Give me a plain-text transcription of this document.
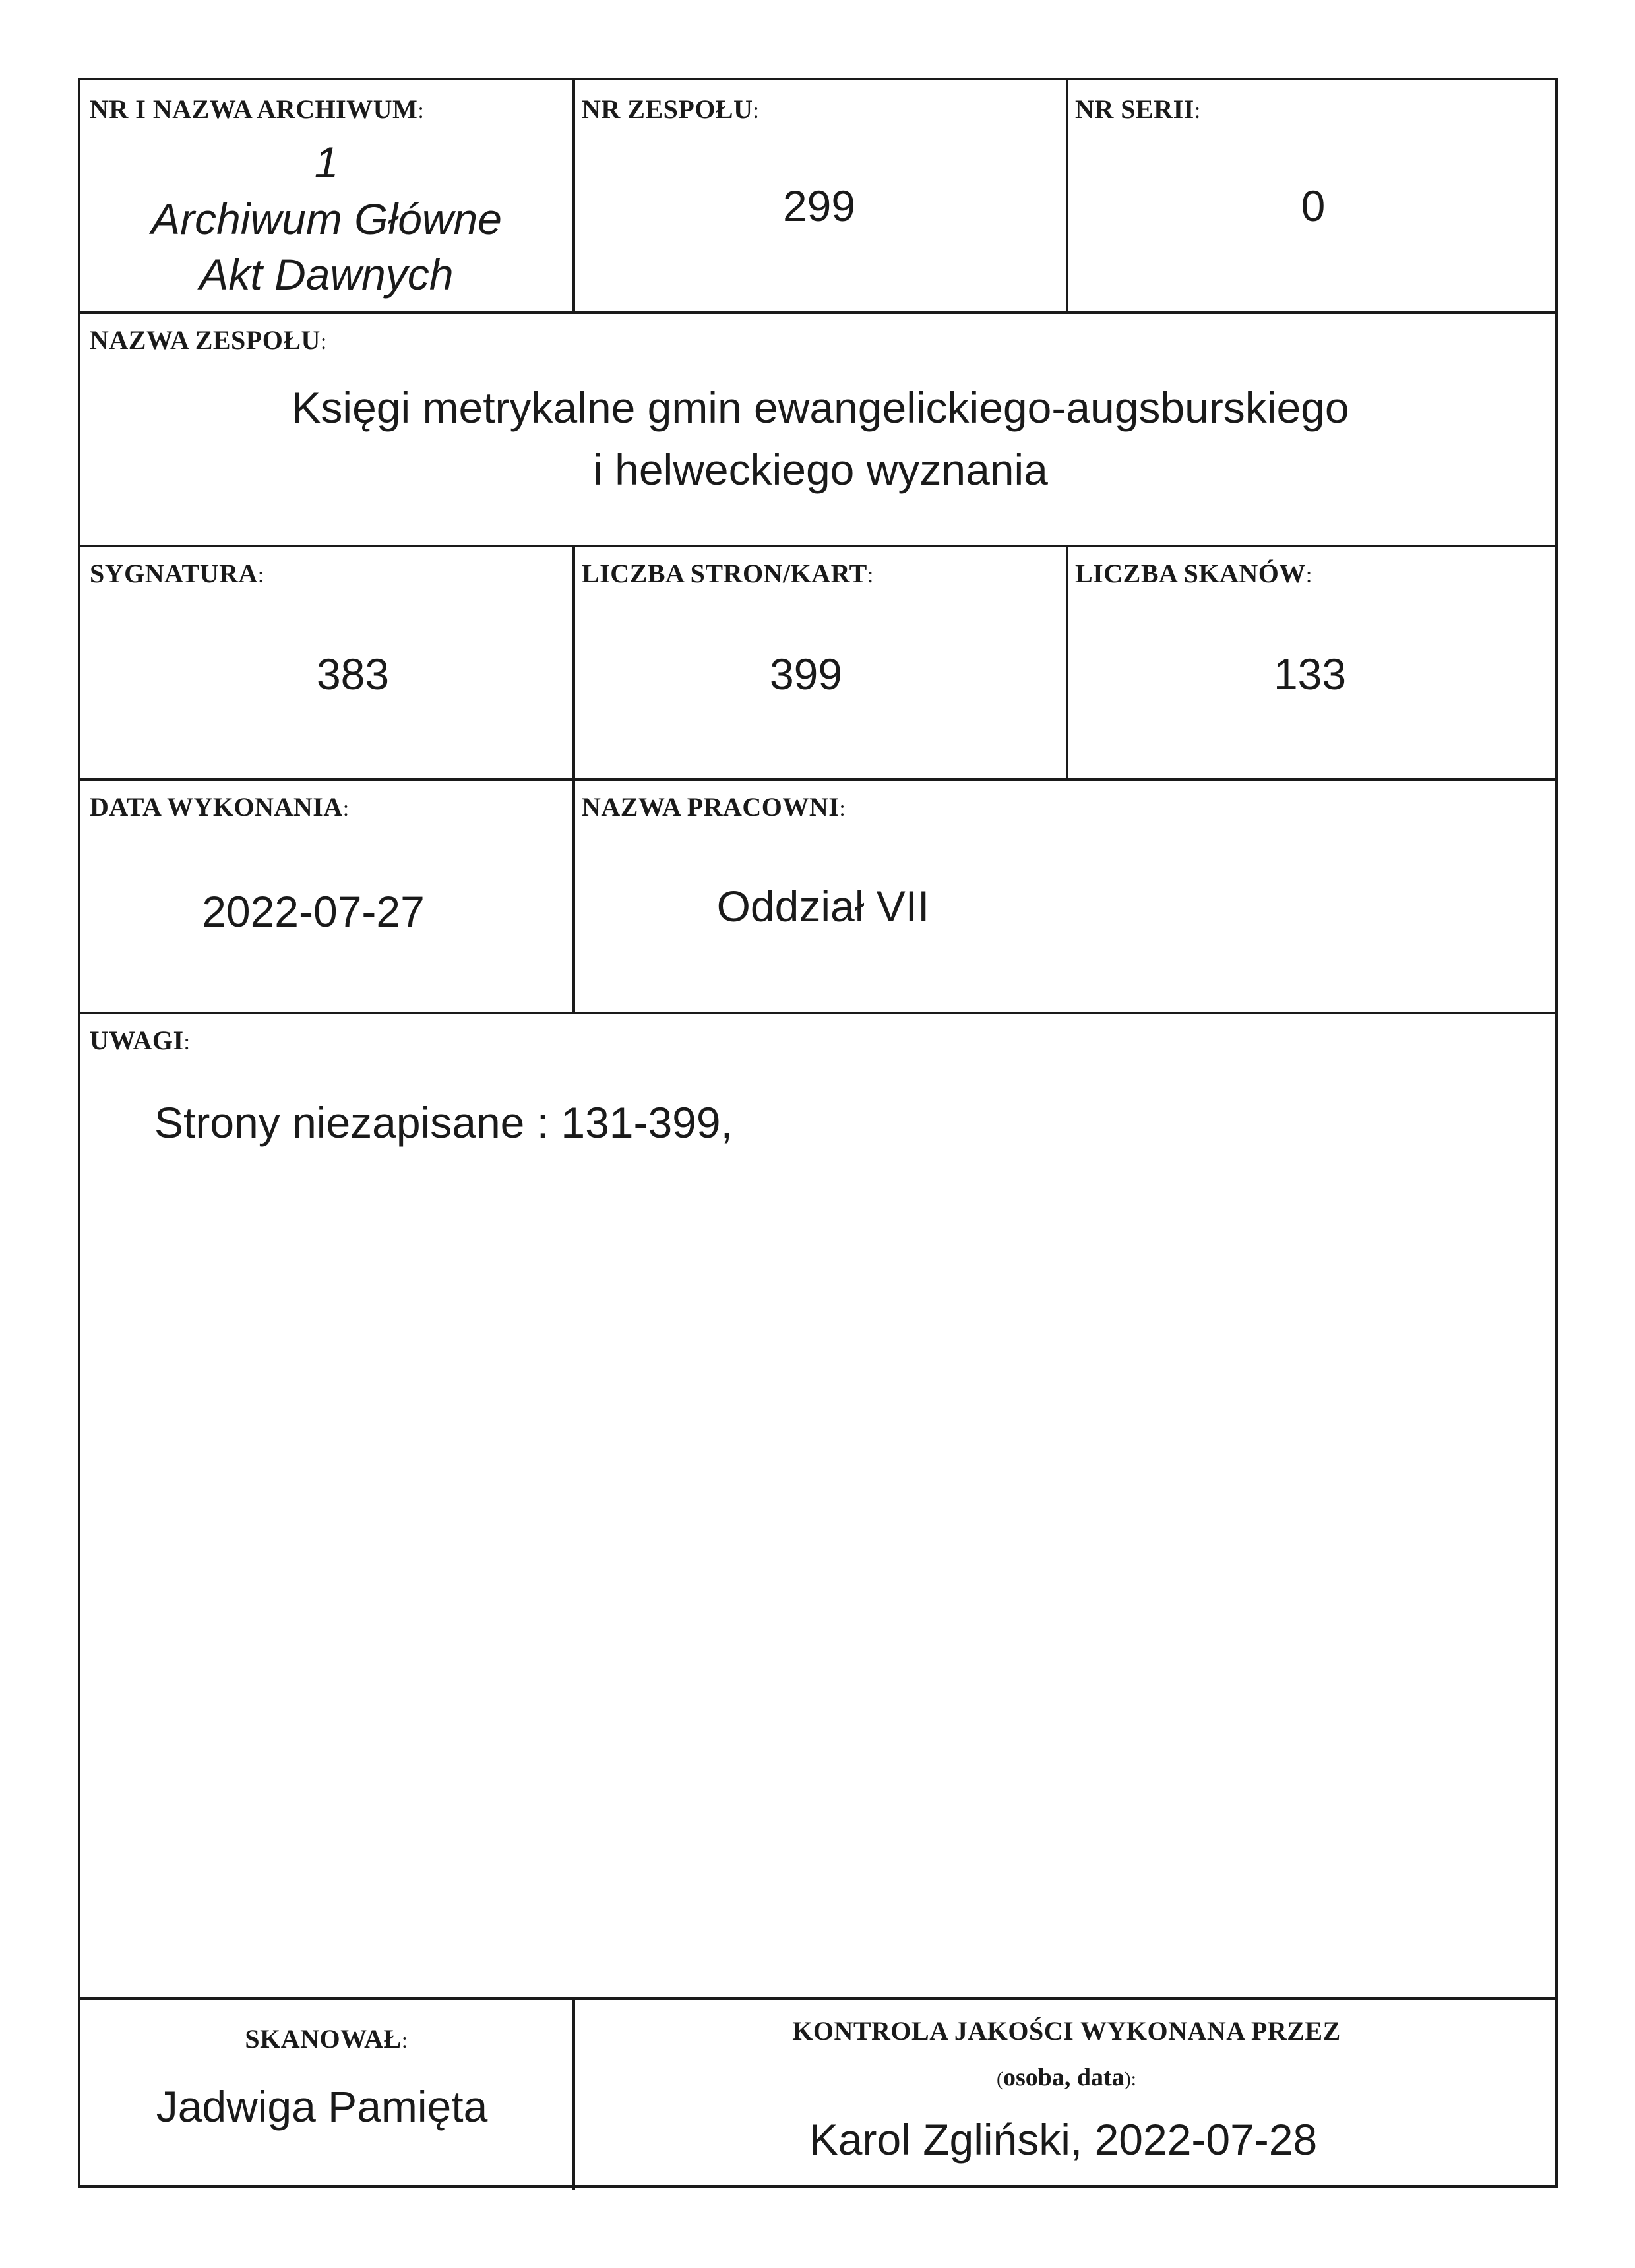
NR I NAZWA ARCHIWUM:
1
Archiwum Główne
Akt Dawnych
NR ZESPOŁU:
299
NR SERII:
0
NAZWA ZESPOŁU:
Księgi metrykalne gmin ewangelickiego-augsburskiego
i helweckiego wyznania
SYGNATURA:
383
LICZBA STRON/KART:
399
LICZBA SKANÓW:
133
DATA WYKONANIA:
2022-07-27
NAZWA PRACOWNI:
Oddział VII
UWAGI:
Strony niezapisane : 131-399,
SKANOWAŁ:
Jadwiga Pamięta
KONTROLA JAKOŚCI WYKONANA PRZEZ
(osoba, data):
Karol Zgliński, 2022-07-28
